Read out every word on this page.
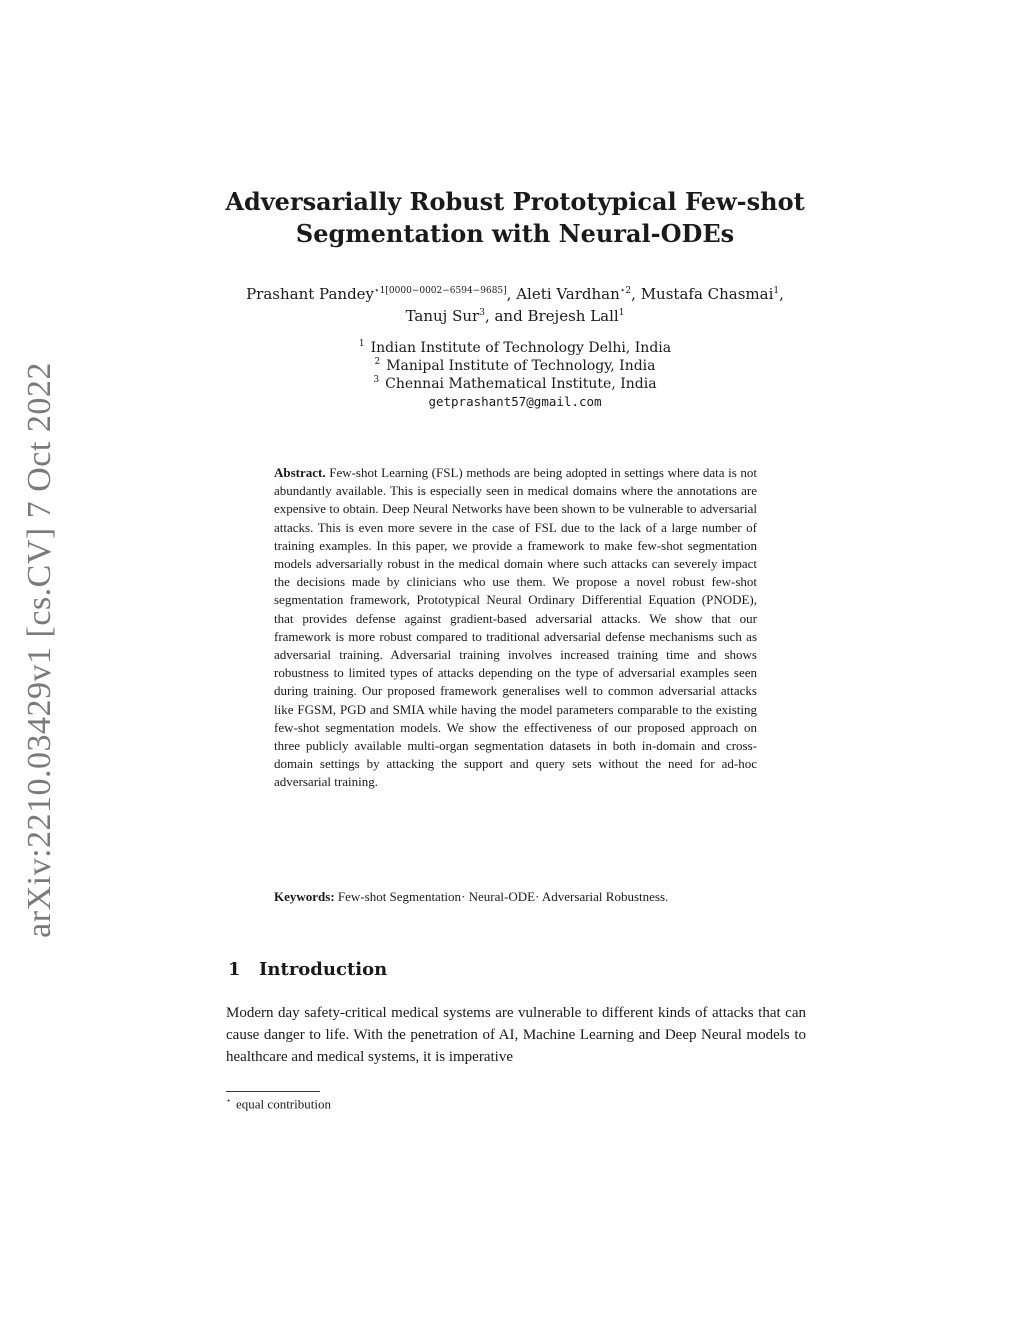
arXiv:2210.03429v1 [cs.CV] 7 Oct 2022
Adversarially Robust Prototypical Few-shot
Segmentation with Neural-ODEs
Prashant Pandey$^{⋆1[0000-0002-6594-9685]}$, Aleti Vardhan$^{⋆2}$, Mustafa Chasmai$^1$,
Tanuj Sur$^3$, and Brejesh Lall$^1$
$^1$ Indian Institute of Technology Delhi, India
$^2$ Manipal Institute of Technology, India
$^3$ Chennai Mathematical Institute, India
getprashant57@gmail.com

Abstract. Few-shot Learning (FSL) methods are being adopted in settings where data is not abundantly available. This is especially seen in medical domains where the annotations are expensive to obtain. Deep Neural Networks have been shown to be vulnerable to adversarial attacks. This is even more severe in the case of FSL due to the lack of a large number of training examples. In this paper, we provide a framework to make few-shot segmentation models adversarially robust in the medical domain where such attacks can severely impact the decisions made by clinicians who use them. We propose a novel robust few-shot segmentation framework, Prototypical Neural Ordinary Differential Equation (PNODE), that provides defense against gradient-based adversarial attacks. We show that our framework is more robust compared to traditional adversarial defense mechanisms such as adversarial training. Adversarial training involves increased training time and shows robustness to limited types of attacks depending on the type of adversarial examples seen during training. Our proposed framework generalises well to common adversarial attacks like FGSM, PGD and SMIA while having the model parameters comparable to the existing few-shot segmentation models. We show the effectiveness of our proposed approach on three publicly available multi-organ segmentation datasets in both in-domain and cross-domain settings by attacking the support and query sets without the need for ad-hoc adversarial training.

Keywords: Few-shot Segmentation· Neural-ODE· Adversarial Robustness.
1 Introduction

Modern day safety-critical medical systems are vulnerable to different kinds of attacks that can cause danger to life. With the penetration of AI, Machine Learning and Deep Neural models to healthcare and medical systems, it is imperative

⋆ equal contribution
